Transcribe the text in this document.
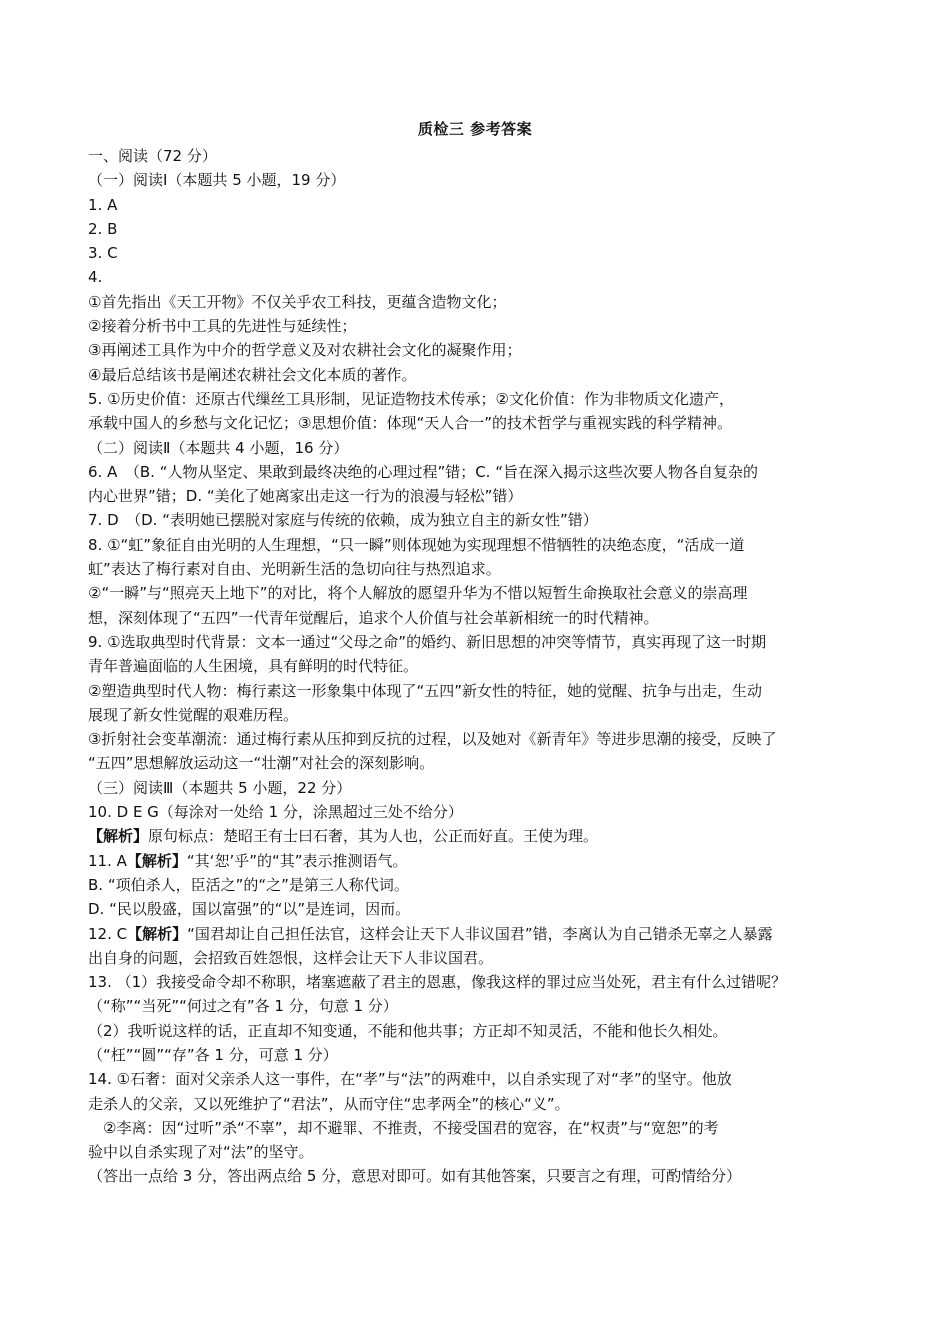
质检三 参考答案
一、阅读（72 分）
（一）阅读Ⅰ（本题共 5 小题，19 分）
1. A
2. B
3. C
4.
①首先指出《天工开物》不仅关乎农工科技，更蕴含造物文化；
②接着分析书中工具的先进性与延续性；
③再阐述工具作为中介的哲学意义及对农耕社会文化的凝聚作用；
④最后总结该书是阐述农耕社会文化本质的著作。
5. ①历史价值：还原古代缫丝工具形制，见证造物技术传承；②文化价值：作为非物质文化遗产，
承载中国人的乡愁与文化记忆；③思想价值：体现“天人合一”的技术哲学与重视实践的科学精神。
（二）阅读Ⅱ（本题共 4 小题，16 分）
6. A　（B. “人物从坚定、果敢到最终决绝的心理过程”错；C. “旨在深入揭示这些次要人物各自复杂的
内心世界”错；D. “美化了她离家出走这一行为的浪漫与轻松”错）
7. D　（D. “表明她已摆脱对家庭与传统的依赖，成为独立自主的新女性”错）
8. ①“虹”象征自由光明的人生理想，“只一瞬”则体现她为实现理想不惜牺牲的决绝态度，“活成一道
虹”表达了梅行素对自由、光明新生活的急切向往与热烈追求。
②“一瞬”与“照亮天上地下”的对比，将个人解放的愿望升华为不惜以短暂生命换取社会意义的崇高理
想，深刻体现了“五四”一代青年觉醒后，追求个人价值与社会革新相统一的时代精神。
9. ①选取典型时代背景：文本一通过“父母之命”的婚约、新旧思想的冲突等情节，真实再现了这一时期
青年普遍面临的人生困境，具有鲜明的时代特征。
②塑造典型时代人物：梅行素这一形象集中体现了“五四”新女性的特征，她的觉醒、抗争与出走，生动
展现了新女性觉醒的艰难历程。
③折射社会变革潮流：通过梅行素从压抑到反抗的过程，以及她对《新青年》等进步思潮的接受，反映了
“五四”思想解放运动这一“壮潮”对社会的深刻影响。
（三）阅读Ⅲ（本题共 5 小题，22 分）
10. D E G（每涂对一处给 1 分，涂黑超过三处不给分）
【解析】原句标点：楚昭王有士曰石奢，其为人也，公正而好直。王使为理。
11. A【解析】“其‘恕’乎”的“其”表示推测语气。
B. “项伯杀人，臣活之”的“之”是第三人称代词。
D. “民以殷盛，国以富强”的“以”是连词，因而。
12. C【解析】“国君却让自己担任法官，这样会让天下人非议国君”错，李离认为自己错杀无辜之人暴露
出自身的问题，会招致百姓怨恨，这样会让天下人非议国君。
13. （1）我接受命令却不称职，堵塞遮蔽了君主的恩惠，像我这样的罪过应当处死，君主有什么过错呢？
（“称”“当死”“何过之有”各 1 分，句意 1 分）
（2）我听说这样的话，正直却不知变通，不能和他共事；方正却不知灵活，不能和他长久相处。
（“枉”“圆”“存”各 1 分，可意 1 分）
14. ①石奢：面对父亲杀人这一事件，在“孝”与“法”的两难中，以自杀实现了对“孝”的坚守。他放
走杀人的父亲，又以死维护了“君法”，从而守住“忠孝两全”的核心“义”。
　②李离：因“过听”杀“不辜”，却不避罪、不推责，不接受国君的宽容，在“权责”与“宽恕”的考
验中以自杀实现了对“法”的坚守。
（答出一点给 3 分，答出两点给 5 分，意思对即可。如有其他答案，只要言之有理，可酌情给分）
